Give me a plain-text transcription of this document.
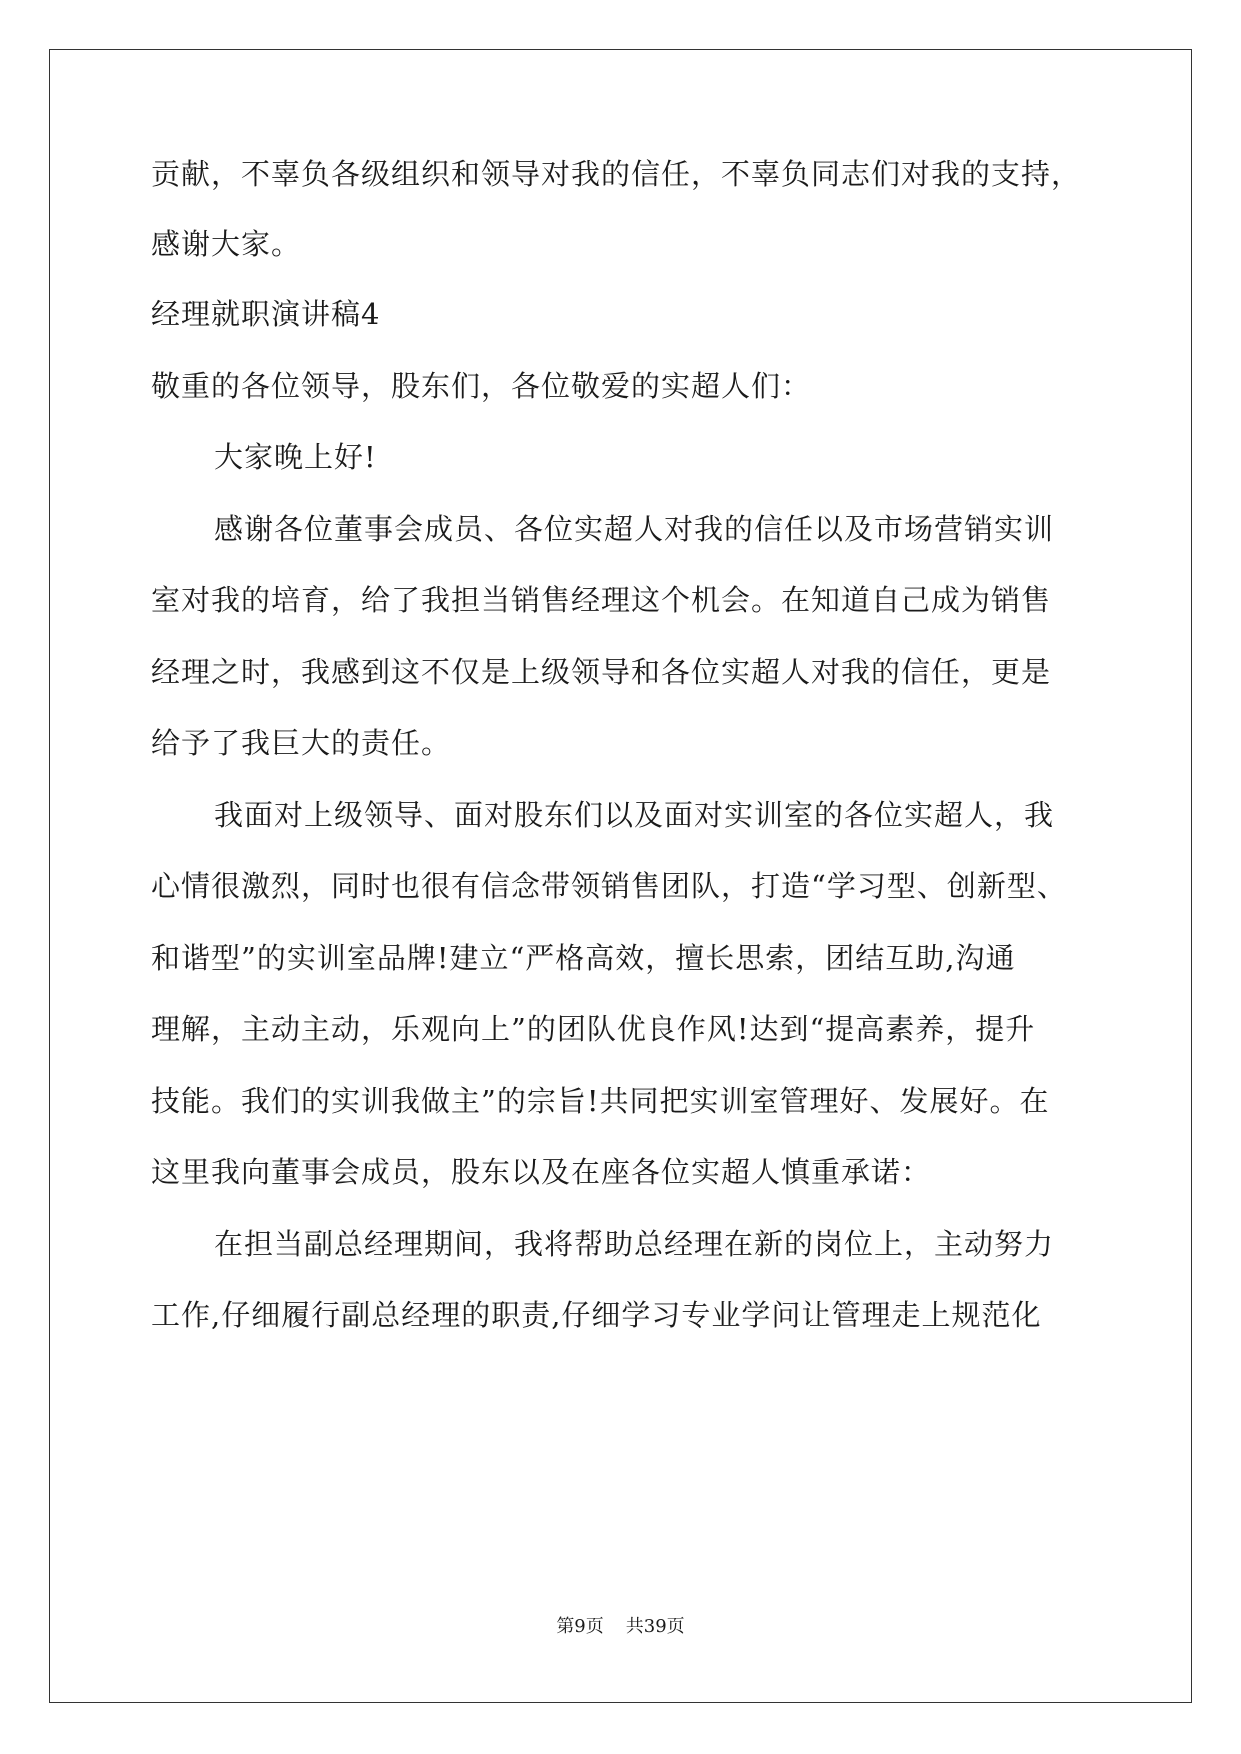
贡献，不辜负各级组织和领导对我的信任，不辜负同志们对我的支持，
感谢大家。
经理就职演讲稿4
敬重的各位领导，股东们，各位敬爱的实超人们：
大家晚上好!
感谢各位董事会成员、各位实超人对我的信任以及市场营销实训
室对我的培育，给了我担当销售经理这个机会。在知道自己成为销售
经理之时，我感到这不仅是上级领导和各位实超人对我的信任，更是
给予了我巨大的责任。
我面对上级领导、面对股东们以及面对实训室的各位实超人，我
心情很激烈，同时也很有信念带领销售团队，打造“学习型、创新型、
和谐型”的实训室品牌!建立“严格高效，擅长思索，团结互助,沟通
理解，主动主动，乐观向上”的团队优良作风!达到“提高素养，提升
技能。我们的实训我做主”的宗旨!共同把实训室管理好、发展好。在
这里我向董事会成员，股东以及在座各位实超人慎重承诺：
在担当副总经理期间，我将帮助总经理在新的岗位上，主动努力
工作,仔细履行副总经理的职责,仔细学习专业学问让管理走上规范化
第9页 共39页
